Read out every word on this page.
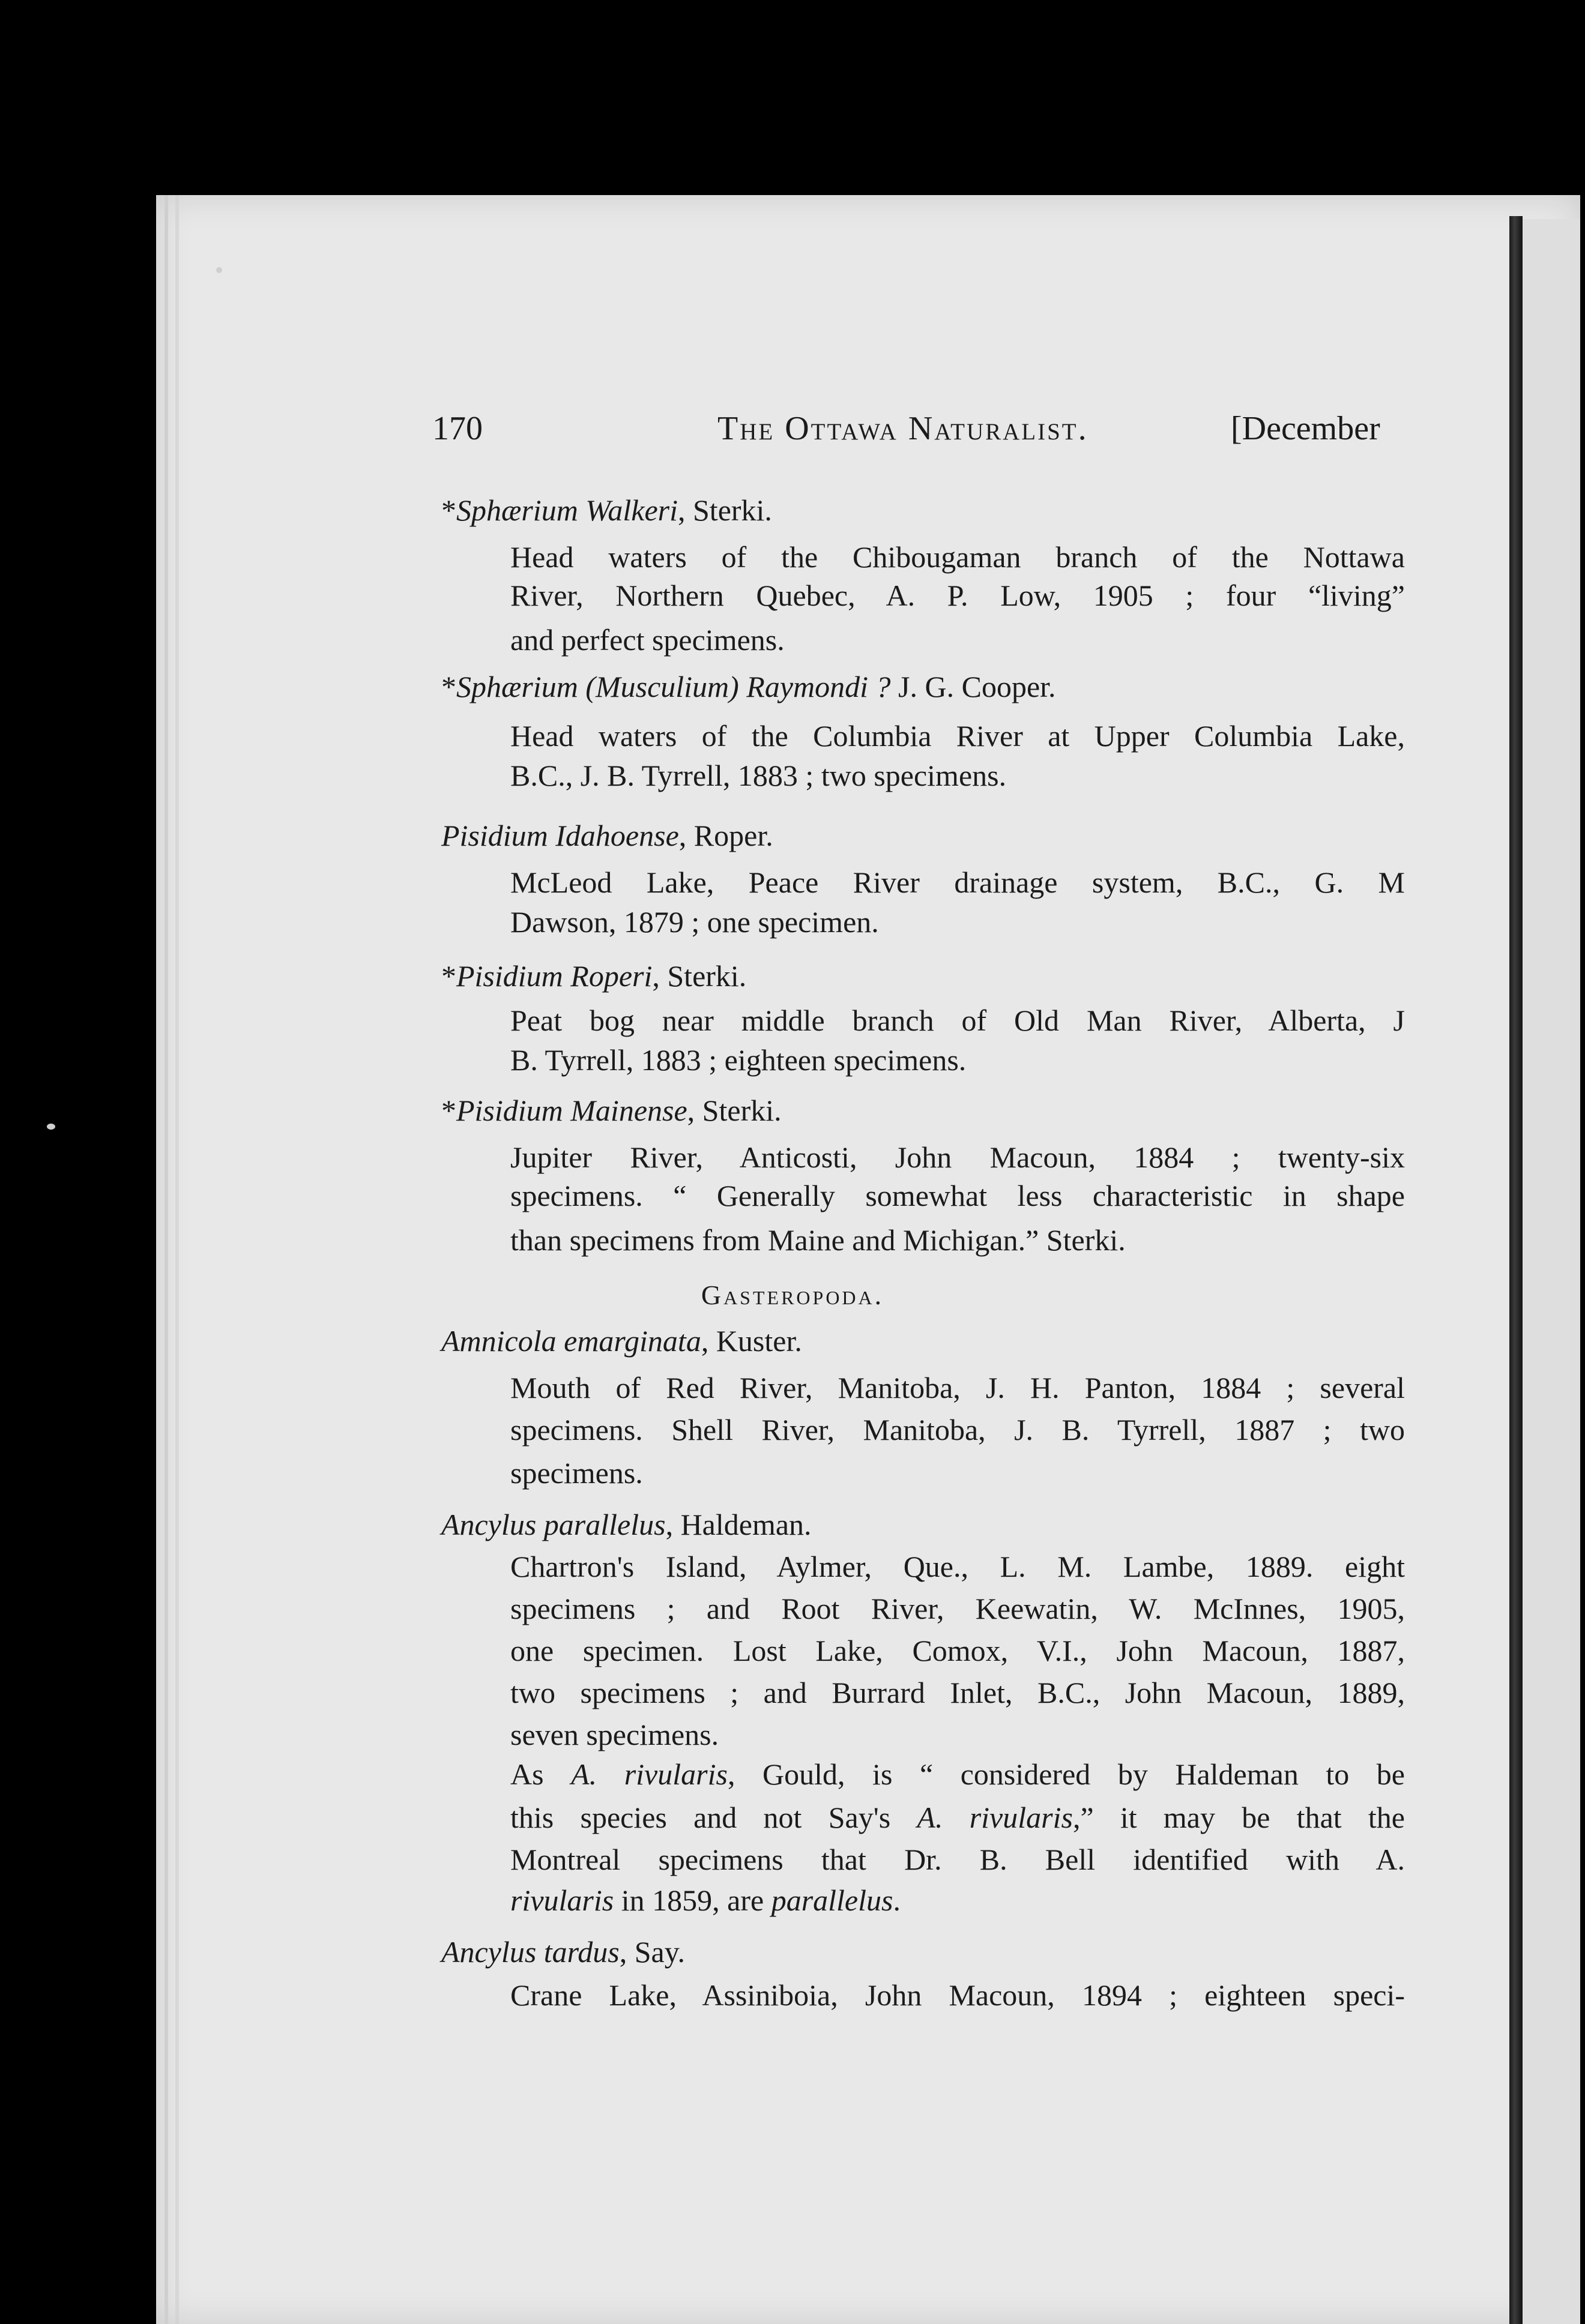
170	The Ottawa Naturalist.	[December
*Sphærium Walkeri, Sterki.
Head waters of the Chibougaman branch of the Nottawa
River, Northern Quebec, A. P. Low, 1905 ; four “living”
and perfect specimens.
*Sphærium (Musculium) Raymondi ? J. G. Cooper.
Head waters of the Columbia River at Upper Columbia Lake,
B.C., J. B. Tyrrell, 1883 ; two specimens.
Pisidium Idahoense, Roper.
McLeod Lake, Peace River drainage system, B.C., G. M
Dawson, 1879 ; one specimen.
*Pisidium Roperi, Sterki.
Peat bog near middle branch of Old Man River, Alberta, J
B. Tyrrell, 1883 ; eighteen specimens.
*Pisidium Mainense, Sterki.
Jupiter River, Anticosti, John Macoun, 1884 ; twenty-six
specimens. “ Generally somewhat less characteristic in shape
than specimens from Maine and Michigan.” Sterki.
Gasteropoda.
Amnicola emarginata, Kuster.
Mouth of Red River, Manitoba, J. H. Panton, 1884 ; several
specimens. Shell River, Manitoba, J. B. Tyrrell, 1887 ; two
specimens.
Ancylus parallelus, Haldeman.
Chartron's Island, Aylmer, Que., L. M. Lambe, 1889. eight
specimens ; and Root River, Keewatin, W. McInnes, 1905,
one specimen. Lost Lake, Comox, V.I., John Macoun, 1887,
two specimens ; and Burrard Inlet, B.C., John Macoun, 1889,
seven specimens.
As A. rivularis, Gould, is “ considered by Haldeman to be
this species and not Say's A. rivularis,” it may be that the
Montreal specimens that Dr. B. Bell identified with A.
rivularis in 1859, are parallelus.
Ancylus tardus, Say.
Crane Lake, Assiniboia, John Macoun, 1894 ; eighteen speci-
